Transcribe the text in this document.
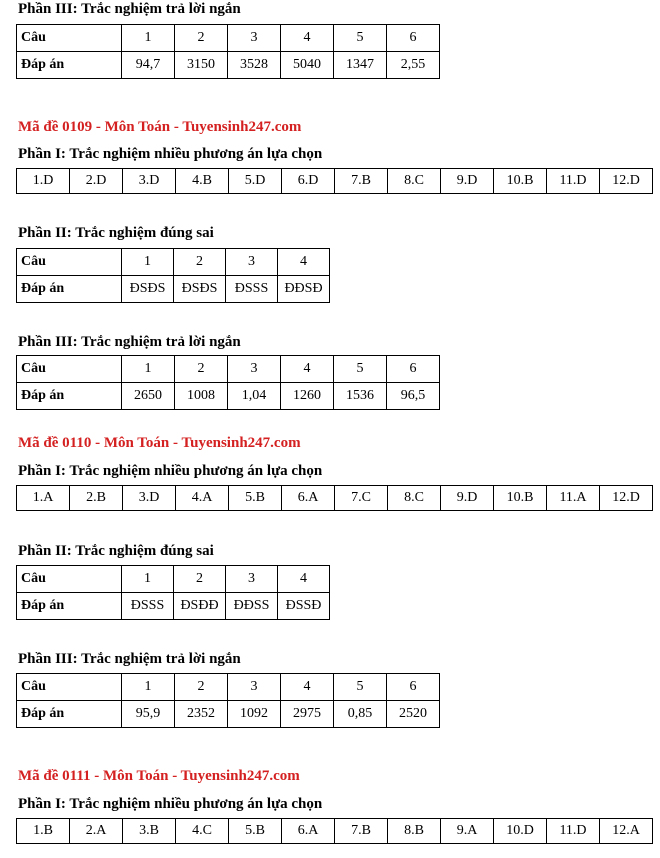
Phần III: Trắc nghiệm trả lời ngắn
Câu	1	2	3	4	5	6
Đáp án	94,7	3150	3528	5040	1347	2,55
Mã đề 0109 - Môn Toán - Tuyensinh247.com
Phần I: Trắc nghiệm nhiều phương án lựa chọn
1.D	2.D	3.D	4.B	5.D	6.D	7.B	8.C	9.D	10.B	11.D	12.D
Phần II: Trắc nghiệm đúng sai
Câu	1	2	3	4
Đáp án	ĐSĐS	ĐSĐS	ĐSSS	ĐĐSĐ
Phần III: Trắc nghiệm trả lời ngắn
Câu	1	2	3	4	5	6
Đáp án	2650	1008	1,04	1260	1536	96,5
Mã đề 0110 - Môn Toán - Tuyensinh247.com
Phần I: Trắc nghiệm nhiều phương án lựa chọn
1.A	2.B	3.D	4.A	5.B	6.A	7.C	8.C	9.D	10.B	11.A	12.D
Phần II: Trắc nghiệm đúng sai
Câu	1	2	3	4
Đáp án	ĐSSS	ĐSĐĐ	ĐĐSS	ĐSSĐ
Phần III: Trắc nghiệm trả lời ngắn
Câu	1	2	3	4	5	6
Đáp án	95,9	2352	1092	2975	0,85	2520
Mã đề 0111 - Môn Toán - Tuyensinh247.com
Phần I: Trắc nghiệm nhiều phương án lựa chọn
1.B	2.A	3.B	4.C	5.B	6.A	7.B	8.B	9.A	10.D	11.D	12.A
